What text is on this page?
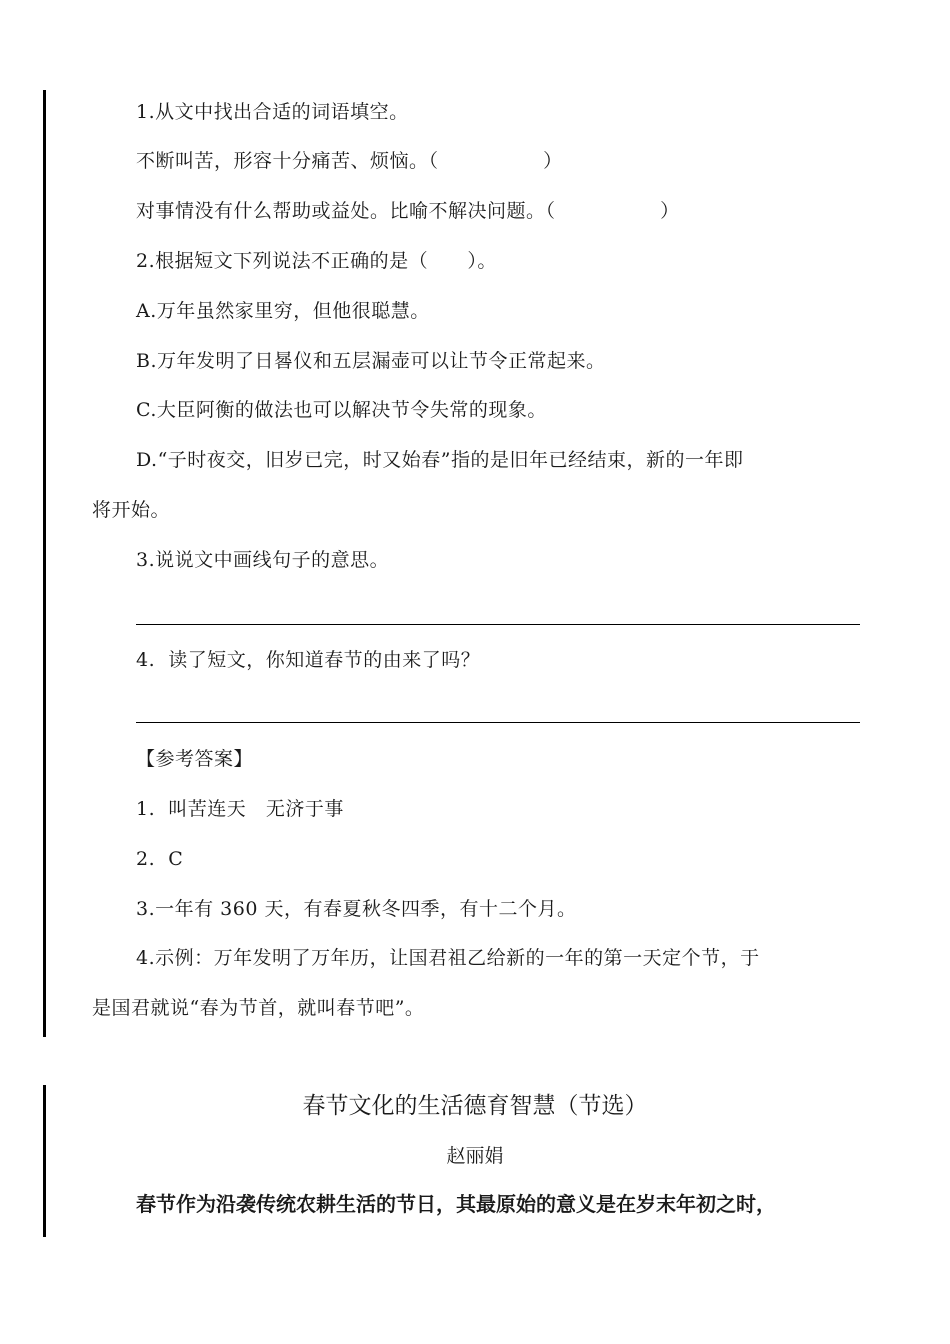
1.从文中找出合适的词语填空。
不断叫苦，形容十分痛苦、烦恼。（                ）
对事情没有什么帮助或益处。比喻不解决问题。（                ）
2.根据短文下列说法不正确的是（      ）。
A.万年虽然家里穷，但他很聪慧。
B.万年发明了日晷仪和五层漏壶可以让节令正常起来。
C.大臣阿衡的做法也可以解决节令失常的现象。
D.“子时夜交，旧岁已完，时又始春”指的是旧年已经结束，新的一年即
将开始。
3.说说文中画线句子的意思。
4.  读了短文，你知道春节的由来了吗？
【参考答案】
1.  叫苦连天   无济于事
2.  C
3.一年有 360 天，有春夏秋冬四季，有十二个月。
4.示例：万年发明了万年历，让国君祖乙给新的一年的第一天定个节，于
是国君就说“春为节首，就叫春节吧”。
春节文化的生活德育智慧（节选）
赵丽娟
春节作为沿袭传统农耕生活的节日，其最原始的意义是在岁末年初之时，
